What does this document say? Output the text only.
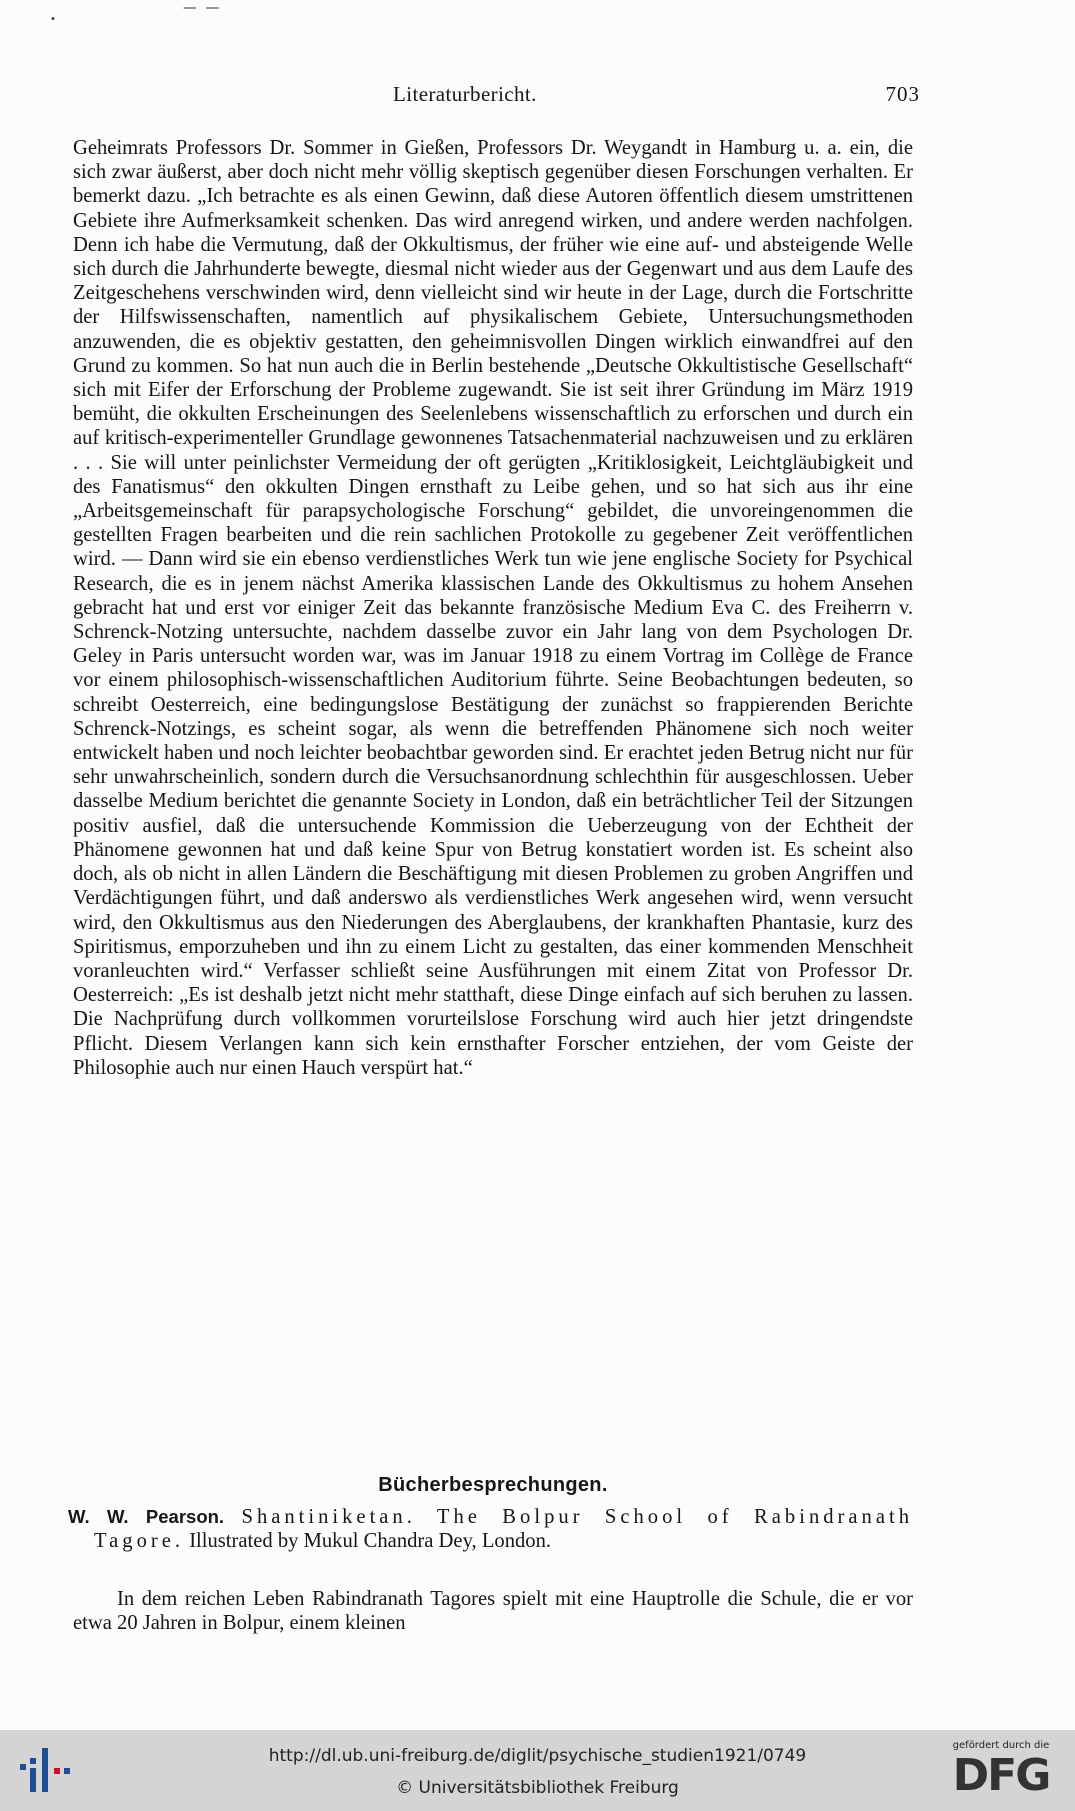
•
— —
Literaturbericht.	703

Geheimrats Professors Dr. Sommer in Gießen, Professors Dr. Weygandt in Hamburg u. a. ein, die sich zwar äußerst, aber doch nicht mehr völlig skeptisch gegenüber diesen Forschungen verhalten. Er bemerkt dazu. „Ich betrachte es als einen Gewinn, daß diese Autoren öffentlich diesem umstrittenen Gebiete ihre Aufmerksamkeit schenken. Das wird anregend wirken, und andere werden nachfolgen. Denn ich habe die Vermutung, daß der Okkultismus, der früher wie eine auf- und absteigende Welle sich durch die Jahrhunderte bewegte, diesmal nicht wieder aus der Gegenwart und aus dem Laufe des Zeitgeschehens verschwinden wird, denn vielleicht sind wir heute in der Lage, durch die Fortschritte der Hilfswissenschaften, namentlich auf physikalischem Gebiete, Untersuchungsmethoden anzuwenden, die es objektiv gestatten, den geheimnisvollen Dingen wirklich einwandfrei auf den Grund zu kommen. So hat nun auch die in Berlin bestehende „Deutsche Okkultistische Gesellschaft“ sich mit Eifer der Erforschung der Probleme zugewandt. Sie ist seit ihrer Gründung im März 1919 bemüht, die okkulten Erscheinungen des Seelenlebens wissenschaftlich zu erforschen und durch ein auf kritisch-experimenteller Grundlage gewonnenes Tatsachenmaterial nachzuweisen und zu erklären . . . Sie will unter peinlichster Vermeidung der oft gerügten „Kritiklosigkeit, Leichtgläubigkeit und des Fanatismus“ den okkulten Dingen ernsthaft zu Leibe gehen, und so hat sich aus ihr eine „Arbeitsgemeinschaft für parapsychologische Forschung“ gebildet, die unvoreingenommen die gestellten Fragen bearbeiten und die rein sachlichen Protokolle zu gegebener Zeit veröffentlichen wird. — Dann wird sie ein ebenso verdienstliches Werk tun wie jene englische Society for Psychical Research, die es in jenem nächst Amerika klassischen Lande des Okkultismus zu hohem Ansehen gebracht hat und erst vor einiger Zeit das bekannte französische Medium Eva C. des Freiherrn v. Schrenck-Notzing untersuchte, nachdem dasselbe zuvor ein Jahr lang von dem Psychologen Dr. Geley in Paris untersucht worden war, was im Januar 1918 zu einem Vortrag im Collège de France vor einem philosophisch-wissenschaftlichen Auditorium führte. Seine Beobachtungen bedeuten, so schreibt Oesterreich, eine bedingungslose Bestätigung der zunächst so frappierenden Berichte Schrenck-Notzings, es scheint sogar, als wenn die betreffenden Phänomene sich noch weiter entwickelt haben und noch leichter beobachtbar geworden sind. Er erachtet jeden Betrug nicht nur für sehr unwahrscheinlich, sondern durch die Versuchsanordnung schlechthin für ausgeschlossen. Ueber dasselbe Medium berichtet die genannte Society in London, daß ein beträchtlicher Teil der Sitzungen positiv ausfiel, daß die untersuchende Kommission die Ueberzeugung von der Echtheit der Phänomene gewonnen hat und daß keine Spur von Betrug konstatiert worden ist. Es scheint also doch, als ob nicht in allen Ländern die Beschäftigung mit diesen Problemen zu groben Angriffen und Verdächtigungen führt, und daß anderswo als verdienstliches Werk angesehen wird, wenn versucht wird, den Okkultismus aus den Niederungen des Aberglaubens, der krankhaften Phantasie, kurz des Spiritismus, emporzuheben und ihn zu einem Licht zu gestalten, das einer kommenden Menschheit voranleuchten wird.“ Verfasser schließt seine Ausführungen mit einem Zitat von Professor Dr. Oesterreich: „Es ist deshalb jetzt nicht mehr statthaft, diese Dinge einfach auf sich beruhen zu lassen. Die Nachprüfung durch vollkommen vorurteilslose Forschung wird auch hier jetzt dringendste Pflicht. Diesem Verlangen kann sich kein ernsthafter Forscher entziehen, der vom Geiste der Philosophie auch nur einen Hauch verspürt hat.“

Bücherbesprechungen.

W. W. Pearson. Shantiniketan. The Bolpur School of Rabindranath Tagore. Illustrated by Mukul Chandra Dey, London.

In dem reichen Leben Rabindranath Tagores spielt mit eine Hauptrolle die Schule, die er vor etwa 20 Jahren in Bolpur, einem kleinen

http://dl.ub.uni-freiburg.de/diglit/psychische_studien1921/0749
© Universitätsbibliothek Freiburg
gefördert durch die
DFG
